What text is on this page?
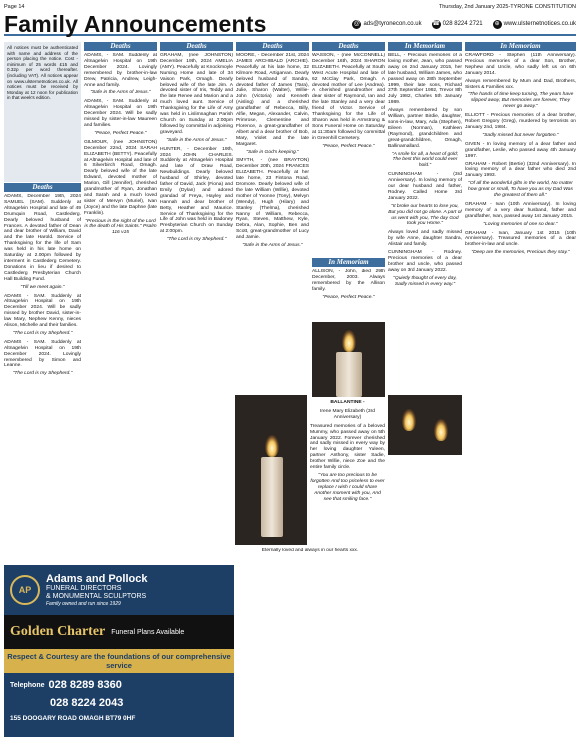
Page 14	Thursday, 2nd January 2025-TYRONE CONSTITUTION
Family Announcements	@ ads@tyronecon.co.uk ☎ 028 8224 2721	⊕ www.ulsternetnotices.co.uk

All notices must be authenticated with name and address of the person placing the notice. Cost - minimum of 25 words £15 and 0.32p per word thereafter. (including VAT). All notices appear on www.ulsternetnotices.co.uk. All notices must be received by Monday at 12 noon for publication in that week's edition.

Deaths
Deaths	Deaths	Deaths	Deaths	In Memoriam	In Memoriam

ADAMS, December 19th, 2024 SAMUEL (SAM). Suddenly at Altnagelvin Hospital and late of 49 Drumquin Road, Castlederg. Dearly beloved husband of Frances. A devoted father of Dean and dear brother of William, David and the late Harold. Service of Thanksgiving for the life of Sam was held in his late home on Saturday at 2.00pm followed by interment in Castlederg Cemetery. Donations in lieu if desired to Castlederg Presbyterian Church Hall Building Fund.

"Till we meet again."

ADAMS - SAM. Suddenly at Altnagelvin Hospital on 19th December 2024. Will be sadly missed by brother David, sister-in-law Mary, Nephew Kenny, nieces Alison, Michelle and their families.

"The Lord is my Shepherd."

ADAMS - SAM. Suddenly at Altnagelvin Hospital on 19th December 2024. Lovingly remembered by Simon and Leanne.

"The Lord is my Shepherd."

ADAMS, - SAM. Suddenly at Altnagelvin Hospital on 19th December 2024. Lovingly remembered by brother-in-law Drew, Patricia, Andrew, Leigh-Anne and family.

"Safe in the Arms of Jesus."

ADAMS, - SAM. Suddenly at Altnagelvin Hospital on 19th December 2024. Will be sadly missed by sister-in-law Maureen and families.

"Peace, Perfect Peace."

GILMOUR, (nee JOHNSTON) December 22nd, 2024 SARAH ELIZABETH (BETTY). Peacefully at Altnagelvin Hospital and late of 6 Silverbirch Road, Omagh. Dearly beloved wife of the late Edward, devoted mother of Marion, Gill (Jennifer), cherished grandmother of Ryan, Jonathan and Sarah and a much loved sister of Mervyn (Muriel), Ivan (Joyce) and the late Daphne (late Franklin).

"Precious in the sight of the Lord is the death of His Saints." Psalm 116 v15

GRAHAM, (nee JOHNSTON) December 19th, 2024 AMELIA (AMY). Peacefully at Knockmoyle Nursing Home and late of 34 Vaison Park, Omagh. Dearly beloved wife of the late Jim. A devoted sister of Iris, Teddy and the late Renee and Marion and a much loved aunt. Service of Thanksgiving for the Life of Amy was held in Lislimnaghan Parish Church on Sunday at 2:00pm followed by committal in adjoining graveyard.

"Safe in the Arms of Jesus."

HUNTER, - December 19th, 2024 JOHN CHARLES. Suddenly at Altnagelvin Hospital and late of Draw Road, Newbuildings. Dearly beloved husband of Shirley, devoted father of David, Jack (Fiona) and Emily (Dylan) and adored grandad of Freya, Hayley and Hannah and dear brother of Betty, Heather and Maurice. Service of Thanksgiving for the Life of John was held in Badoney Presbyterian Church on Sunday at 2:00pm.

"The Lord is my Shepherd."

MOORE, - December 21st, 2024 JAMES ARCHIBALD (ARCHIE). Peacefully at his late home, 32 Kilmore Road, Artigarvan. Dearly beloved husband of Sandra, devoted father of James (Tara), Julie, Sharon (Walter), Willie-John (Victoria) and Kenneth (Aisling) and a cherished grandfather of Rebecca, Billy, Alfie, Megan, Alexander, Calvin, Primrose, Clementine and Florence, a great-grandfather of Albert and a dear brother of Bob, Mary, Violet and the late Margaret.

"Safe in God's keeping."

SMYTH, - (nee BRAYTON) December 20th, 2024 FRANCES ELIZABETH. Peacefully at her late home, 23 Fintona Road, Dromore. Dearly beloved wife of the late William (Willie), devoted mother of Yvonne (Tony), Melvyn (Wendy), Hugh (Hilary) and Stanley (Thelma), cherished Nanny of William, Rebecca, Ryan, Steven, Matthew, Kyle, Debra, Alan, Sophie, Ben and Scott, great-grandmother of Lucy and Jamie.

"Safe in the Arms of Jesus."

WASSON, - (nee McCONNELL) December 16th, 2024 SHARON ELIZABETH. Peacefully at South West Acute Hospital and late of 62 McClay Park, Omagh. A devoted mother of Lee (Andrea). A cherished grandmother and dear sister of Raymond, Ian and the late Stanley and a very dear friend of Victor. Service of Thanksgiving for the Life of Sharon was held in Armstrong & Sons Funeral Home on Saturday at 11:30am followed by committal in Greenhill Cemetery.

"Peace, Perfect Peace."
In Memoriam

ALLISON, - John, died 29th December, 2003. Always remembered by the Allison family.

"Peace, Perfect Peace."

BELL, - Precious memories of a loving mother, Jean, who passed away on 2nd January 2015, her late husband, William James, who passed away on 28th September 1999, their late sons, Richard 27th September 1992, Trevor 8th July 1982, Charles 5th January 1989.

Always remembered by son William, partner Birdie, daughter, sons-in-law, Mary, Ada (Stephen), Eileen (Norman), Kathleen (Raymond), grandchildren and great-grandchildren, Omagh, Ballinamallard.

"A smile for all, a heart of gold; The best this world could ever hold."

CUNNINGHAM - (3rd Anniversary). In loving memory of our dear husband and father, Rodney. Called Home 3rd January 2022.

"It broke our hearts to lose you, But you did not go alone. A part of us went with you, The day God took you Home."

Always loved and sadly missed by wife Anne, daughter Sandra, Alistair and family.

CUNNINGHAM - Rodney. Precious memories of a dear brother and uncle, who passed away on 3rd January 2022.

"Quietly thought of every day, Sadly missed in every way."

CRAWFORD - Stephen (11th Anniversary). Precious memories of a dear Son, Brother, Nephew and Uncle, who sadly left us on 6th January 2014.

Always remembered by Mum and Dad, Brothers, Sisters & Families xxx.

"The hands of time keep turning, The years have slipped away, But memories are forever, They never go away."

ELLIOTT - Precious memories of a dear brother, Robert Gregory (Greg), murdered by terrorists on January 2nd, 1984.

"Sadly missed but never forgotten."

GIVEN - In loving memory of a dear father and grandfather, Leslie, who passed away 4th January 1997.

GRAHAM - Robert (Bertie) (32nd Anniversary). In loving memory of a dear father who died 2nd January 1993.

"Of all the wonderful gifts in the world, No matter how great or small, To have you as my Dad Was the greatest of them all."

GRAHAM - Ivan (10th Anniversary). In loving memory of a very dear husband, father and grandfather, Ivan, passed away 1st January 2015.

"Loving memories of one so dear."

GRAHAM - Ivan, January 1st 2015 (10th Anniversary). Treasured memories of a dear brother-in-law and uncle.

"Deep are the memories, Precious they stay."
Eternally loved and always in our hearts xxx.
BALLANTINE -
Irene Mary Elizabeth (3rd Anniversary)

Treasured memories of a beloved Mummy, who passed away on 5th January 2022. Forever cherished and sadly missed in every way by her loving daughter Yuleen, partner Anthony, sister Sadie, brother Willie, niece Zoe and the entire family circle.

"You are too precious to be forgotten And too priceless to ever replace I wish I could share Another moment with you, And see that smiling face."
AP
Adams and Pollock
FUNERAL DIRECTORS
& MONUMENTAL SCULPTORS
Family owned and run since 1929
Golden Charter Funeral Plans Available
Respect & Courtesy are the foundations of our comprehensive service
Telephone 028 8289 8360
028 8224 2043
155 DOOGARY ROAD OMAGH BT79 0HF
